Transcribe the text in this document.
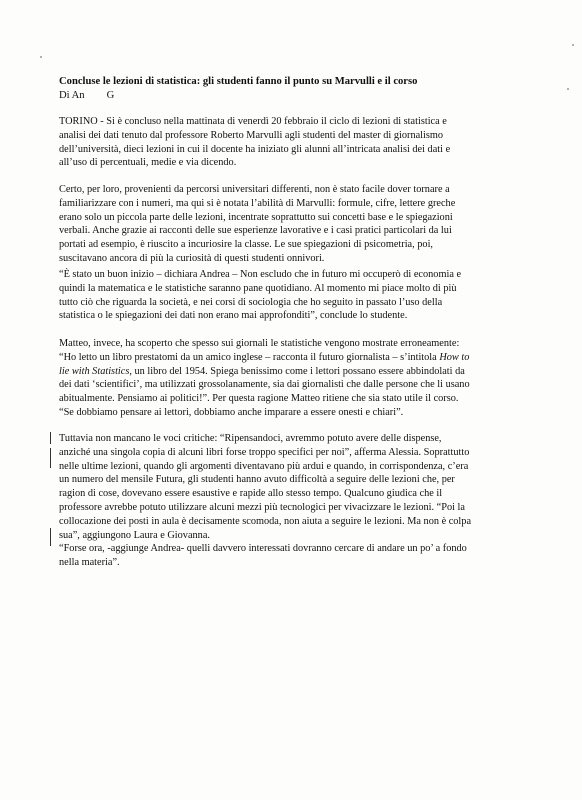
Concluse le lezioni di statistica: gli studenti fanno il punto su Marvulli e il corso
Di An G

TORINO - Si è concluso nella mattinata di venerdì 20 febbraio il ciclo di lezioni di statistica e
analisi dei dati tenuto dal professore Roberto Marvulli agli studenti del master di giornalismo
dell’università, dieci lezioni in cui il docente ha iniziato gli alunni all’intricata analisi dei dati e
all’uso di percentuali, medie e via dicendo.

Certo, per loro, provenienti da percorsi universitari differenti, non è stato facile dover tornare a
familiarizzare con i numeri, ma qui si è notata l’abilità di Marvulli: formule, cifre, lettere greche
erano solo un piccola parte delle lezioni, incentrate soprattutto sui concetti base e le spiegazioni
verbali. Anche grazie ai racconti delle sue esperienze lavorative e i casi pratici particolari da lui
portati ad esempio, è riuscito a incuriosire la classe. Le sue spiegazioni di psicometria, poi,
suscitavano ancora di più la curiosità di questi studenti onnivori.

“È stato un buon inizio – dichiara Andrea – Non escludo che in futuro mi occuperò di economia e
quindi la matematica e le statistiche saranno pane quotidiano. Al momento mi piace molto di più
tutto ciò che riguarda la società, e nei corsi di sociologia che ho seguito in passato l’uso della
statistica o le spiegazioni dei dati non erano mai approfonditi”, conclude lo studente.

Matteo, invece, ha scoperto che spesso sui giornali le statistiche vengono mostrate erroneamente:
“Ho letto un libro prestatomi da un amico inglese – racconta il futuro giornalista – s’intitola How to
lie with Statistics, un libro del 1954. Spiega benissimo come i lettori possano essere abbindolati da
dei dati ‘scientifici’, ma utilizzati grossolanamente, sia dai giornalisti che dalle persone che li usano
abitualmente. Pensiamo ai politici!”. Per questa ragione Matteo ritiene che sia stato utile il corso.
“Se dobbiamo pensare ai lettori, dobbiamo anche imparare a essere onesti e chiari”.

Tuttavia non mancano le voci critiche: “Ripensandoci, avremmo potuto avere delle dispense,
anziché una singola copia di alcuni libri forse troppo specifici per noi”, afferma Alessia. Soprattutto
nelle ultime lezioni, quando gli argomenti diventavano più ardui e quando, in corrispondenza, c’era
un numero del mensile Futura, gli studenti hanno avuto difficoltà a seguire delle lezioni che, per
ragion di cose, dovevano essere esaustive e rapide allo stesso tempo. Qualcuno giudica che il
professore avrebbe potuto utilizzare alcuni mezzi più tecnologici per vivacizzare le lezioni. “Poi la
collocazione dei posti in aula è decisamente scomoda, non aiuta a seguire le lezioni. Ma non è colpa
sua”, aggiungono Laura e Giovanna.
“Forse ora, -aggiunge Andrea- quelli davvero interessati dovranno cercare di andare un po’ a fondo
nella materia”.
